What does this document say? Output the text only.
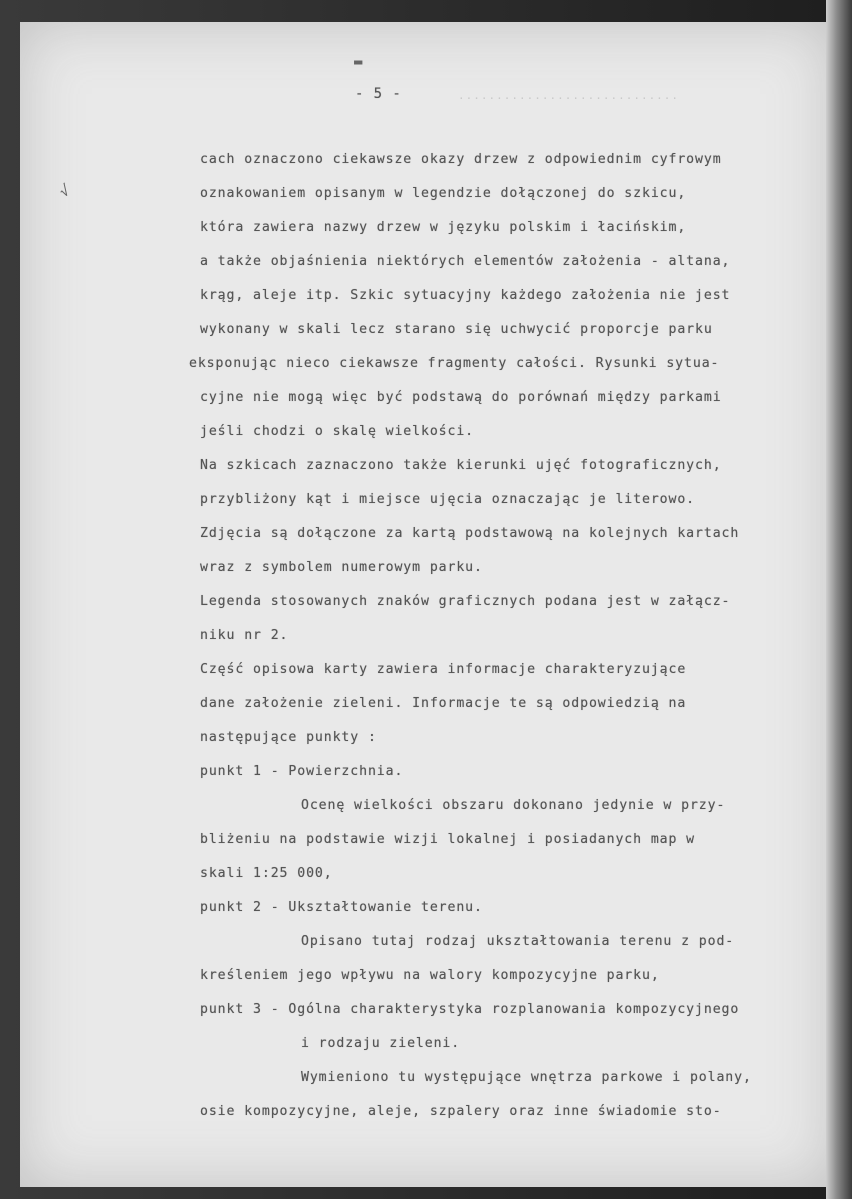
▬
- 5 -	·····························
√
cach oznaczono ciekawsze okazy drzew z odpowiednim cyfrowym
oznakowaniem opisanym w legendzie dołączonej do szkicu,
która zawiera nazwy drzew w języku polskim i łacińskim,
a także objaśnienia niektórych elementów założenia - altana,
krąg, aleje itp. Szkic sytuacyjny każdego założenia nie jest
wykonany w skali lecz starano się uchwycić proporcje parku
eksponując nieco ciekawsze fragmenty całości. Rysunki sytua-
cyjne nie mogą więc być podstawą do porównań między parkami
jeśli chodzi o skalę wielkości.
Na szkicach zaznaczono także kierunki ujęć fotograficznych,
przybliżony kąt i miejsce ujęcia oznaczając je literowo.
Zdjęcia są dołączone za kartą podstawową na kolejnych kartach
wraz z symbolem numerowym parku.
Legenda stosowanych znaków graficznych podana jest w załącz-
niku nr 2.
Część opisowa karty zawiera informacje charakteryzujące
dane założenie zieleni. Informacje te są odpowiedzią na
następujące punkty :
punkt 1 - Powierzchnia.
Ocenę wielkości obszaru dokonano jedynie w przy-
bliżeniu na podstawie wizji lokalnej i posiadanych map w
skali 1:25 000,
punkt 2 - Ukształtowanie terenu.
Opisano tutaj rodzaj ukształtowania terenu z pod-
kreśleniem jego wpływu na walory kompozycyjne parku,
punkt 3 - Ogólna charakterystyka rozplanowania kompozycyjnego
i rodzaju zieleni.
Wymieniono tu występujące wnętrza parkowe i polany,
osie kompozycyjne, aleje, szpalery oraz inne świadomie sto-
